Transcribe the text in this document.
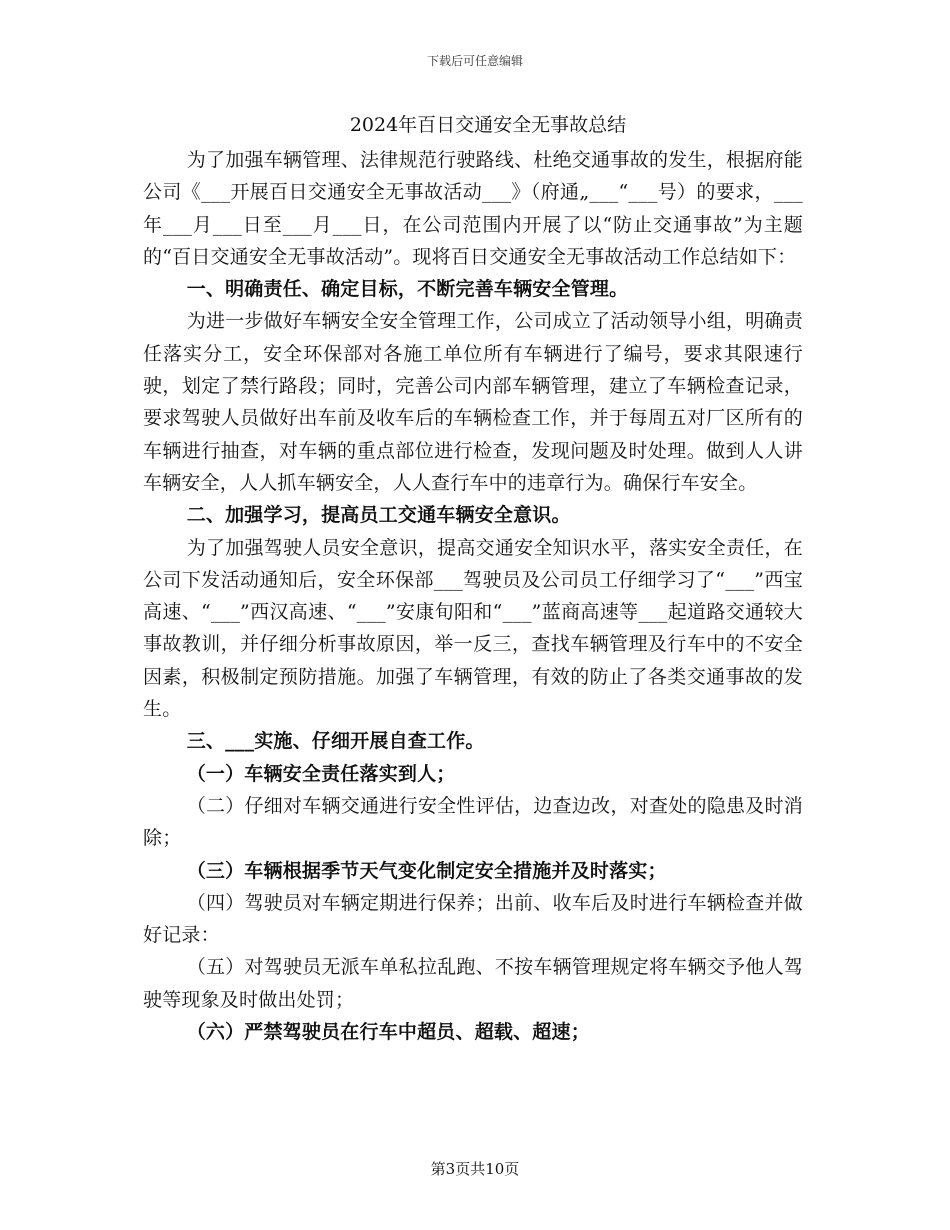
下载后可任意编辑
2024年百日交通安全无事故总结

为了加强车辆管理、法律规范行驶路线、杜绝交通事故的发生，根据府能公司《___开展百日交通安全无事故活动___》（府通„___“___号）的要求，___年___月___日至___月___日，在公司范围内开展了以“防止交通事故”为主题的“百日交通安全无事故活动”。现将百日交通安全无事故活动工作总结如下：

一、明确责任、确定目标，不断完善车辆安全管理。

为进一步做好车辆安全安全管理工作，公司成立了活动领导小组，明确责任落实分工，安全环保部对各施工单位所有车辆进行了编号，要求其限速行驶，划定了禁行路段；同时，完善公司内部车辆管理，建立了车辆检查记录，要求驾驶人员做好出车前及收车后的车辆检查工作，并于每周五对厂区所有的车辆进行抽查，对车辆的重点部位进行检查，发现问题及时处理。做到人人讲车辆安全，人人抓车辆安全，人人查行车中的违章行为。确保行车安全。

二、加强学习，提高员工交通车辆安全意识。

为了加强驾驶人员安全意识，提高交通安全知识水平，落实安全责任，在公司下发活动通知后，安全环保部___驾驶员及公司员工仔细学习了“___”西宝高速、“___”西汉高速、“___”安康旬阳和“___”蓝商高速等___起道路交通较大事故教训，并仔细分析事故原因，举一反三，查找车辆管理及行车中的不安全因素，积极制定预防措施。加强了车辆管理，有效的防止了各类交通事故的发生。

三、___实施、仔细开展自查工作。

（一）车辆安全责任落实到人；

（二）仔细对车辆交通进行安全性评估，边查边改，对查处的隐患及时消除；

（三）车辆根据季节天气变化制定安全措施并及时落实；

（四）驾驶员对车辆定期进行保养；出前、收车后及时进行车辆检查并做好记录：

（五）对驾驶员无派车单私拉乱跑、不按车辆管理规定将车辆交予他人驾驶等现象及时做出处罚；

（六）严禁驾驶员在行车中超员、超载、超速；

第3页共10页
